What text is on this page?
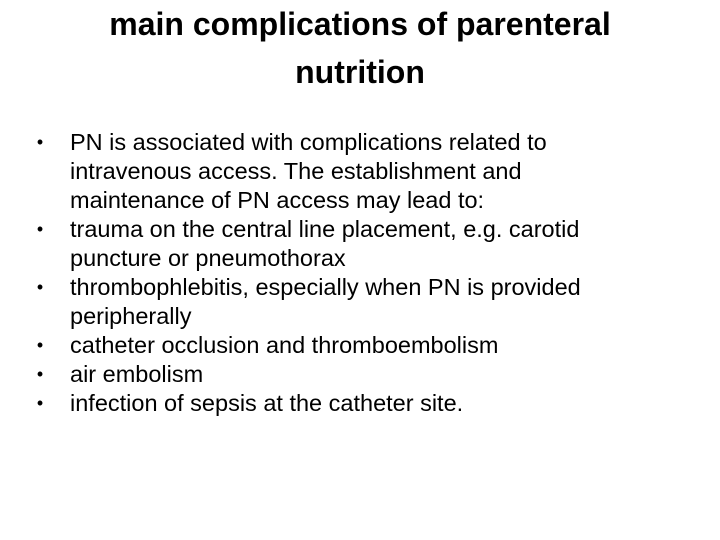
main complications of parenteral
nutrition
• PN is associated with complications related to
intravenous access. The establishment and
maintenance of PN access may lead to:
• trauma on the central line placement, e.g. carotid
puncture or pneumothorax
• thrombophlebitis, especially when PN is provided
peripherally
• catheter occlusion and thromboembolism
• air embolism
• infection of sepsis at the catheter site.
